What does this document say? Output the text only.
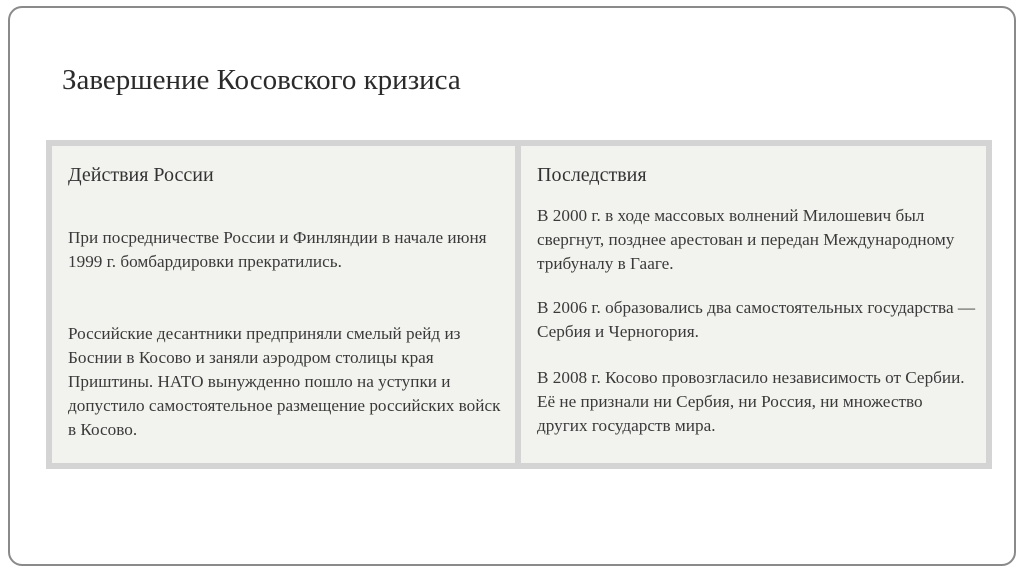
Завершение Косовского кризиса
Действия России
При посредничестве России и Финляндии в начале июня 1999 г. бомбардировки прекратились.
Российские десантники предприняли смелый рейд из Боснии в Косово и заняли аэродром столицы края Приштины. НАТО вынужденно пошло на уступки и допустило самостоятельное размещение российских войск в Косово.
Последствия
В 2000 г. в ходе массовых волнений Милошевич был свергнут, позднее арестован и передан Международному трибуналу в Гааге.
В 2006 г. образовались два самостоятельных государства — Сербия и Черногория.
В 2008 г. Косово провозгласило независимость от Сербии. Её не признали ни Сербия, ни Россия, ни множество других государств мира.
